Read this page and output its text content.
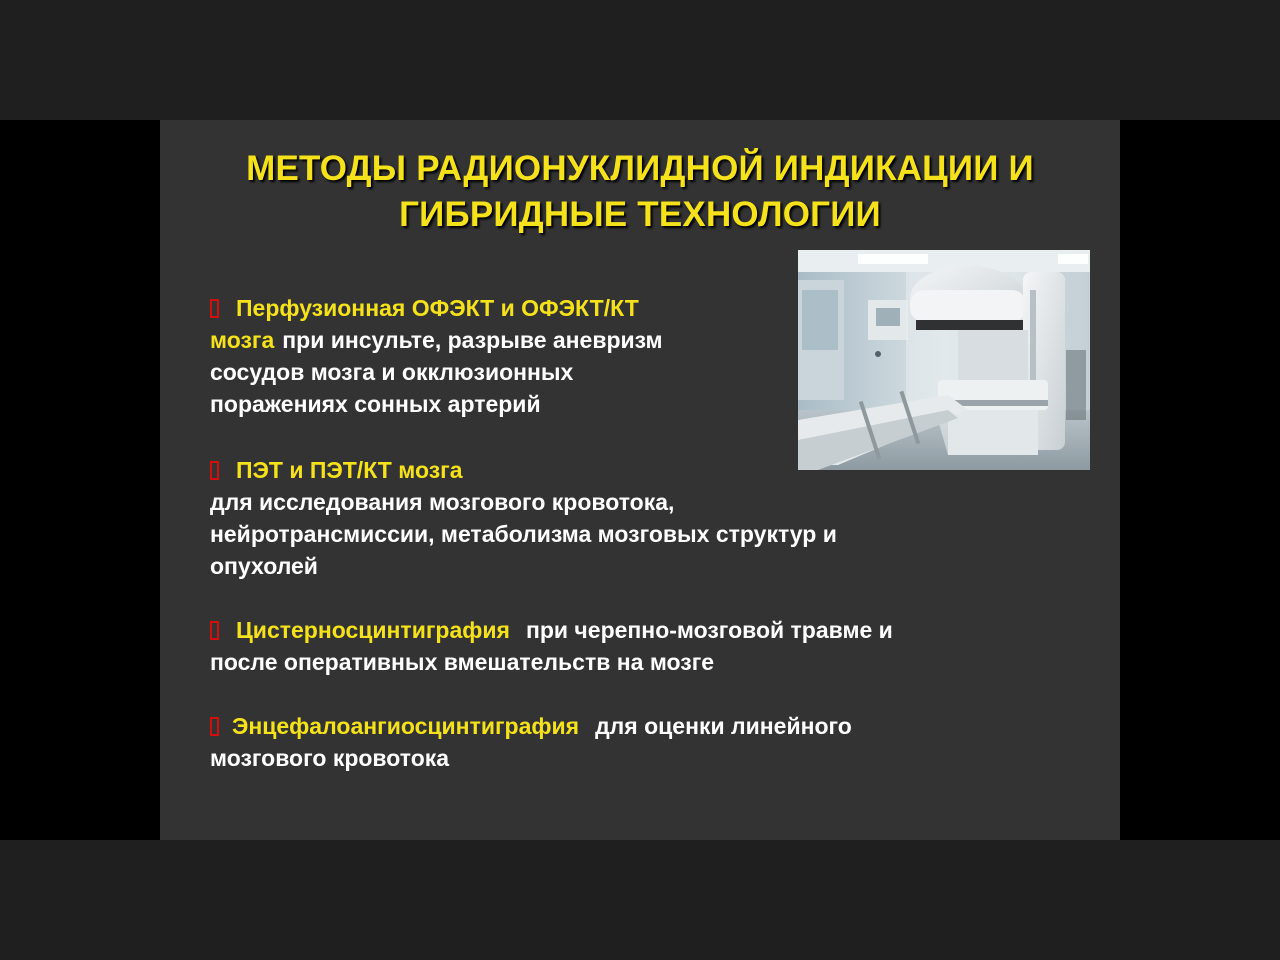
МЕТОДЫ РАДИОНУКЛИДНОЙ ИНДИКАЦИИ И
ГИБРИДНЫЕ ТЕХНОЛОГИИ
Перфузионная ОФЭКТ и ОФЭКТ/КТ
мозга при инсульте, разрыве аневризм
сосудов мозга и окклюзионных
поражениях сонных артерий
ПЭТ и ПЭТ/КТ мозга
для исследования мозгового кровотока,
нейротрансмиссии, метаболизма мозговых структур и
опухолей
Цистерносцинтиграфия при черепно-мозговой травме и
после оперативных вмешательств на мозге
Энцефалоангиосцинтиграфия для оценки линейного
мозгового кровотока
